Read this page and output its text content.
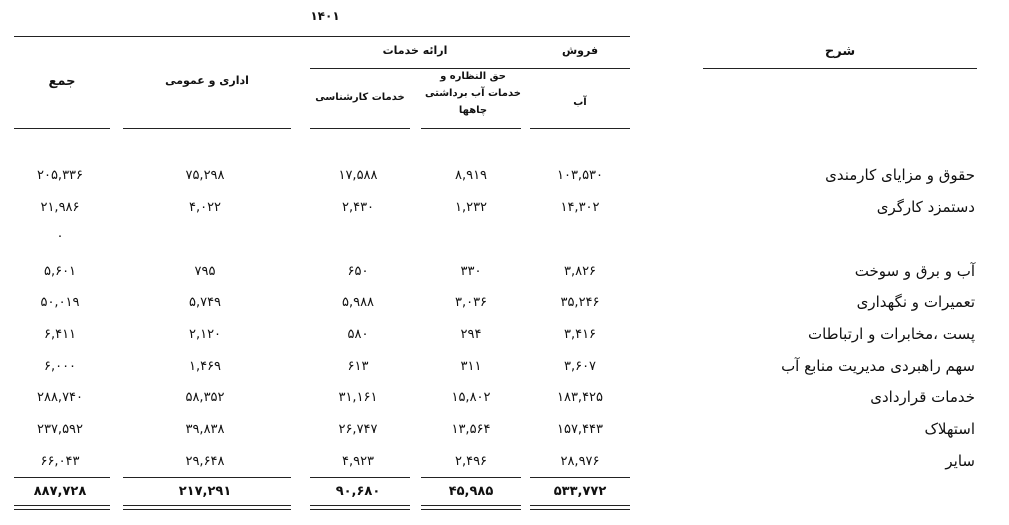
۱۴۰۱
شرح
فروش
ارائه خدمات
جمع	اداری و عمومی
خدمات کارشناسی
حق النظاره و خدمات آب برداشتی چاهها
آب
حقوق و مزایای کارمندی
۱۰۳,۵۳۰
۸,۹۱۹
۱۷,۵۸۸
۷۵,۲۹۸
۲۰۵,۳۳۶
دستمزد کارگری
۱۴,۳۰۲
۱,۲۳۲
۲,۴۳۰
۴,۰۲۲
۲۱,۹۸۶
۰
آب و برق و سوخت
۳,۸۲۶
۳۳۰
۶۵۰
۷۹۵
۵,۶۰۱
تعمیرات و نگهداری
۳۵,۲۴۶
۳,۰۳۶
۵,۹۸۸
۵,۷۴۹
۵۰,۰۱۹
پست ،مخابرات و ارتباطات
۳,۴۱۶
۲۹۴
۵۸۰
۲,۱۲۰
۶,۴۱۱
سهم راهبردی مدیریت منابع آب
۳,۶۰۷
۳۱۱
۶۱۳
۱,۴۶۹
۶,۰۰۰
خدمات قراردادی
۱۸۳,۴۲۵
۱۵,۸۰۲
۳۱,۱۶۱
۵۸,۳۵۲
۲۸۸,۷۴۰
استهلاک
۱۵۷,۴۴۳
۱۳,۵۶۴
۲۶,۷۴۷
۳۹,۸۳۸
۲۳۷,۵۹۲
سایر
۲۸,۹۷۶
۲,۴۹۶
۴,۹۲۳
۲۹,۶۴۸
۶۶,۰۴۳
۵۳۳,۷۷۲
۴۵,۹۸۵
۹۰,۶۸۰
۲۱۷,۲۹۱
۸۸۷,۷۲۸
